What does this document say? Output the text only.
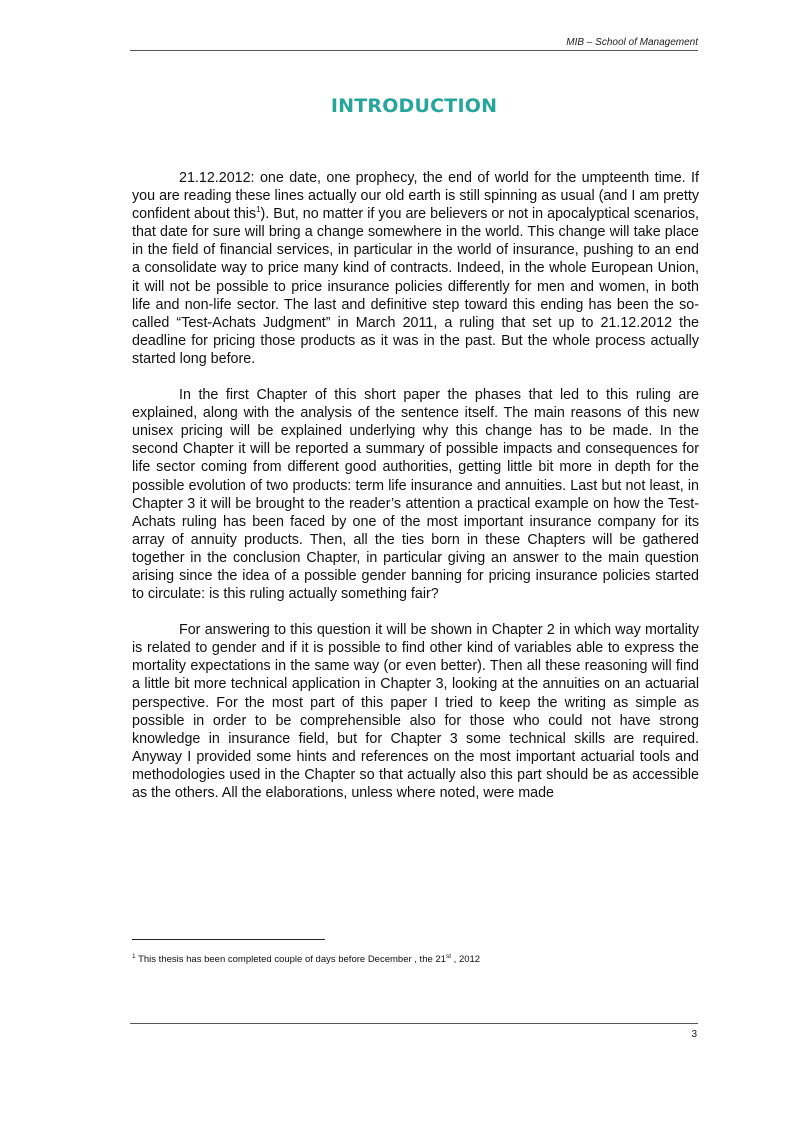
MIB – School of Management
INTRODUCTION

21.12.2012: one date, one prophecy, the end of world for the umpteenth time. If you are reading these lines actually our old earth is still spinning as usual (and I am pretty confident about this$^1$). But, no matter if you are believers or not in apocalyptical scenarios, that date for sure will bring a change somewhere in the world. This change will take place in the field of financial services, in particular in the world of insurance, pushing to an end a consolidate way to price many kind of contracts. Indeed, in the whole European Union, it will not be possible to price insurance policies differently for men and women, in both life and non-life sector. The last and definitive step toward this ending has been the so-called “Test-Achats Judgment” in March 2011, a ruling that set up to 21.12.2012 the deadline for pricing those products as it was in the past. But the whole process actually started long before.

In the first Chapter of this short paper the phases that led to this ruling are explained, along with the analysis of the sentence itself. The main reasons of this new unisex pricing will be explained underlying why this change has to be made. In the second Chapter it will be reported a summary of possible impacts and consequences for life sector coming from different good authorities, getting little bit more in depth for the possible evolution of two products: term life insurance and annuities. Last but not least, in Chapter 3 it will be brought to the reader’s attention a practical example on how the Test-Achats ruling has been faced by one of the most important insurance company for its array of annuity products. Then, all the ties born in these Chapters will be gathered together in the conclusion Chapter, in particular giving an answer to the main question arising since the idea of a possible gender banning for pricing insurance policies started to circulate: is this ruling actually something fair?

For answering to this question it will be shown in Chapter 2 in which way mortality is related to gender and if it is possible to find other kind of variables able to express the mortality expectations in the same way (or even better). Then all these reasoning will find a little bit more technical application in Chapter 3, looking at the annuities on an actuarial perspective. For the most part of this paper I tried to keep the writing as simple as possible in order to be comprehensible also for those who could not have strong knowledge in insurance field, but for Chapter 3 some technical skills are required. Anyway I provided some hints and references on the most important actuarial tools and methodologies used in the Chapter so that actually also this part should be as accessible as the others. All the elaborations, unless where noted, were made

$^1$ This thesis has been completed couple of days before December , the 21st , 2012
3
